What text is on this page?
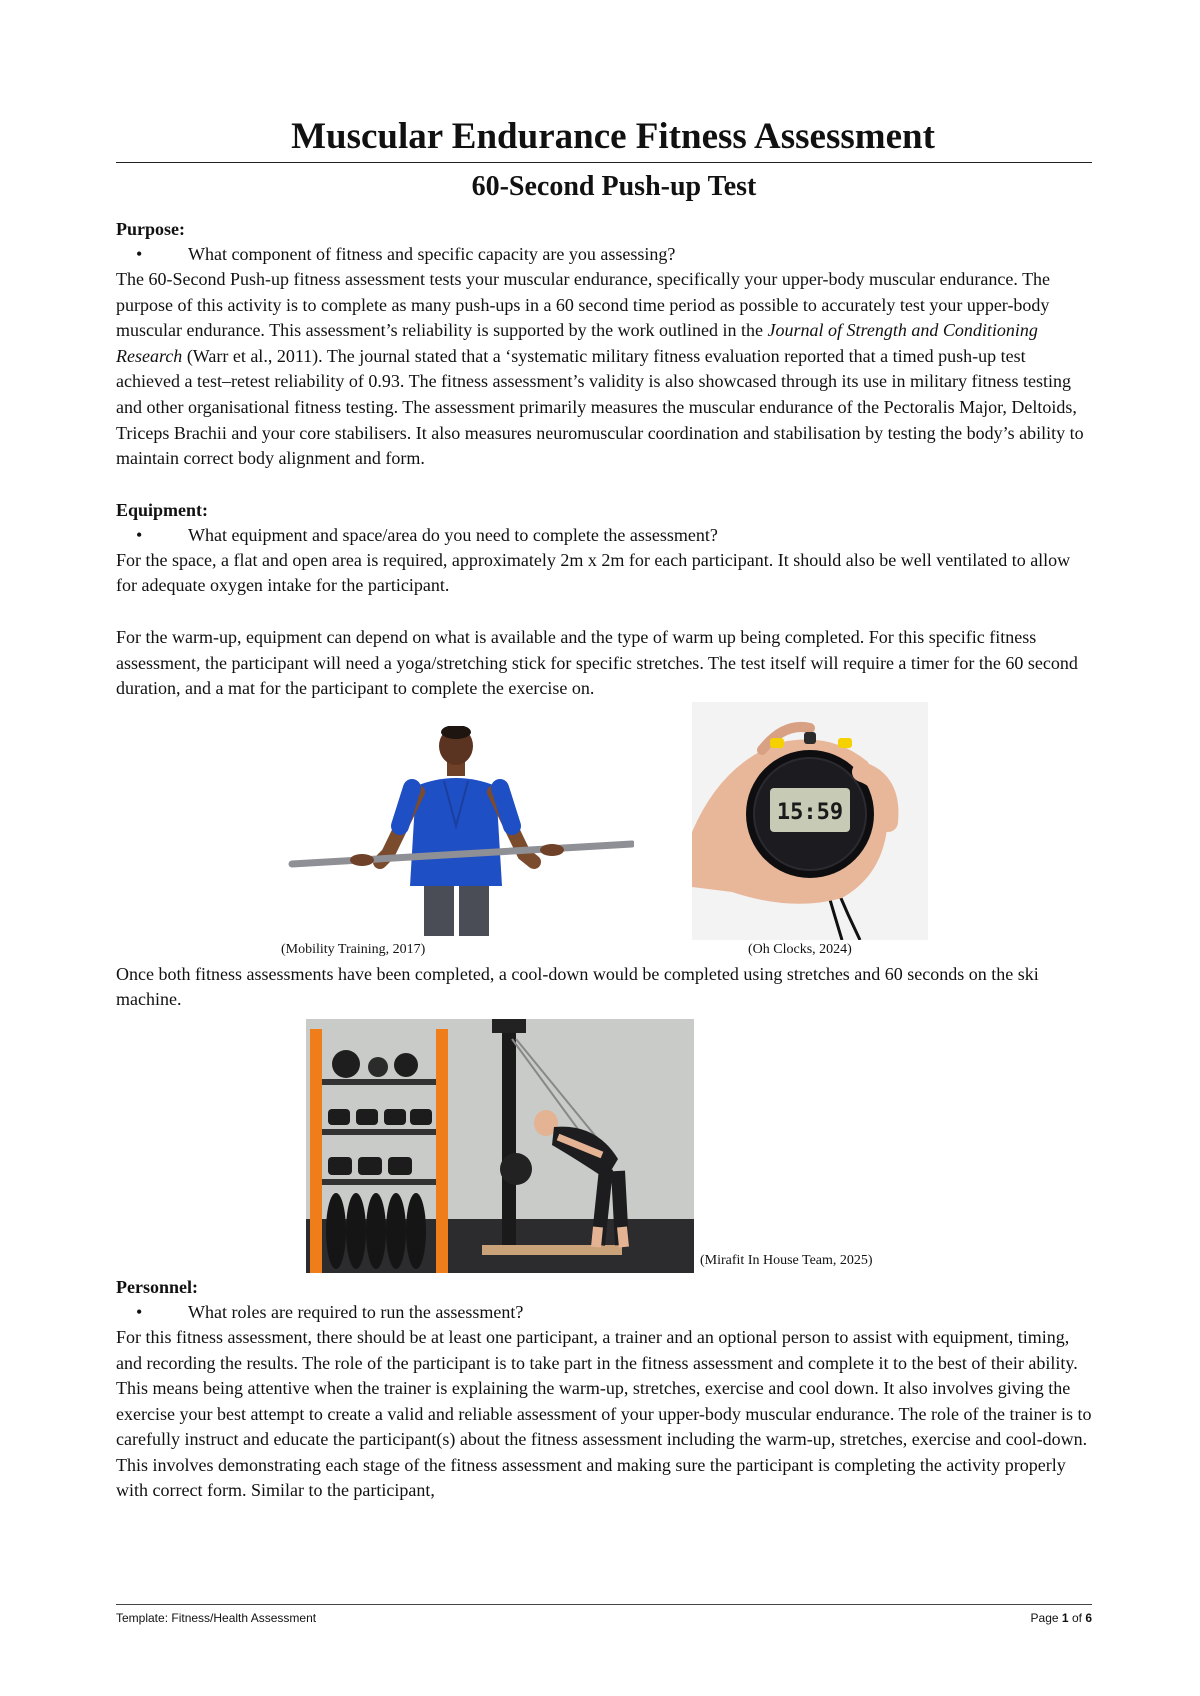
Muscular Endurance Fitness Assessment
60-Second Push-up Test
Purpose:
•	What component of fitness and specific capacity are you assessing?

The 60-Second Push-up fitness assessment tests your muscular endurance, specifically your upper-body muscular endurance. The purpose of this activity is to complete as many push-ups in a 60 second time period as possible to accurately test your upper-body muscular endurance. This assessment’s reliability is supported by the work outlined in the Journal of Strength and Conditioning Research (Warr et al., 2011). The journal stated that a ‘systematic military fitness evaluation reported that a timed push-up test achieved a test–retest reliability of 0.93. The fitness assessment’s validity is also showcased through its use in military fitness testing and other organisational fitness testing. The assessment primarily measures the muscular endurance of the Pectoralis Major, Deltoids, Triceps Brachii and your core stabilisers. It also measures neuromuscular coordination and stabilisation by testing the body’s ability to maintain correct body alignment and form.

Equipment:
•	What equipment and space/area do you need to complete the assessment?

For the space, a flat and open area is required, approximately 2m x 2m for each participant. It should also be well ventilated to allow for adequate oxygen intake for the participant.

For the warm-up, equipment can depend on what is available and the type of warm up being completed. For this specific fitness assessment, the participant will need a yoga/stretching stick for specific stretches. The test itself will require a timer for the 60 second duration, and a mat for the participant to complete the exercise on.

(Mobility Training, 2017)
15:59
(Oh Clocks, 2024)

Once both fitness assessments have been completed, a cool-down would be completed using stretches and 60 seconds on the ski machine.

(Mirafit In House Team, 2025)
Personnel:
•	What roles are required to run the assessment?

For this fitness assessment, there should be at least one participant, a trainer and an optional person to assist with equipment, timing, and recording the results. The role of the participant is to take part in the fitness assessment and complete it to the best of their ability. This means being attentive when the trainer is explaining the warm-up, stretches, exercise and cool down. It also involves giving the exercise your best attempt to create a valid and reliable assessment of your upper-body muscular endurance. The role of the trainer is to carefully instruct and educate the participant(s) about the fitness assessment including the warm-up, stretches, exercise and cool-down. This involves demonstrating each stage of the fitness assessment and making sure the participant is completing the activity properly with correct form. Similar to the participant,

Template: Fitness/Health Assessment	Page 1 of 6
